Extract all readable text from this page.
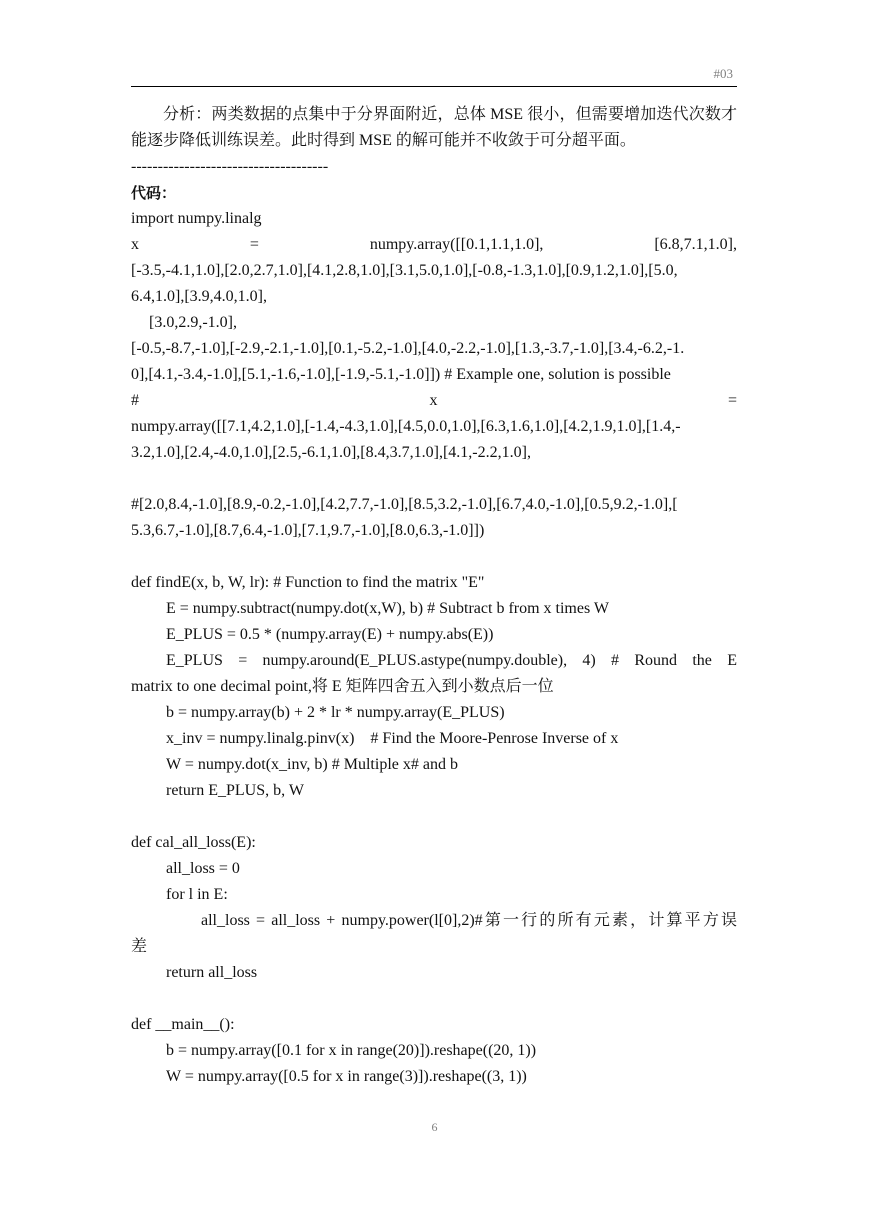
#03
分析：两类数据的点集中于分界面附近，总体 MSE 很小，但需要增加迭代次数才能逐步降低训练误差。此时得到 MSE 的解可能并不收敛于可分超平面。
-------------------------------------
代码：
import numpy.linalg
x = numpy.array([[0.1,1.1,1.0], [6.8,7.1,1.0],
[-3.5,-4.1,1.0],[2.0,2.7,1.0],[4.1,2.8,1.0],[3.1,5.0,1.0],[-0.8,-1.3,1.0],[0.9,1.2,1.0],[5.0,
6.4,1.0],[3.9,4.0,1.0],
[3.0,2.9,-1.0],
[-0.5,-8.7,-1.0],[-2.9,-2.1,-1.0],[0.1,-5.2,-1.0],[4.0,-2.2,-1.0],[1.3,-3.7,-1.0],[3.4,-6.2,-1.
0],[4.1,-3.4,-1.0],[5.1,-1.6,-1.0],[-1.9,-5.1,-1.0]]) # Example one, solution is possible
# x =
numpy.array([[7.1,4.2,1.0],[-1.4,-4.3,1.0],[4.5,0.0,1.0],[6.3,1.6,1.0],[4.2,1.9,1.0],[1.4,-
3.2,1.0],[2.4,-4.0,1.0],[2.5,-6.1,1.0],[8.4,3.7,1.0],[4.1,-2.2,1.0],
#[2.0,8.4,-1.0],[8.9,-0.2,-1.0],[4.2,7.7,-1.0],[8.5,3.2,-1.0],[6.7,4.0,-1.0],[0.5,9.2,-1.0],[
5.3,6.7,-1.0],[8.7,6.4,-1.0],[7.1,9.7,-1.0],[8.0,6.3,-1.0]])
def findE(x, b, W, lr): # Function to find the matrix "E"
E = numpy.subtract(numpy.dot(x,W), b) # Subtract b from x times W
E_PLUS = 0.5 * (numpy.array(E) + numpy.abs(E))
E_PLUS = numpy.around(E_PLUS.astype(numpy.double), 4) # Round the E
matrix to one decimal point,将 E 矩阵四舍五入到小数点后一位
b = numpy.array(b) + 2 * lr * numpy.array(E_PLUS)
x_inv = numpy.linalg.pinv(x)    # Find the Moore-Penrose Inverse of x
W = numpy.dot(x_inv, b) # Multiple x# and b
return E_PLUS, b, W
def cal_all_loss(E):
all_loss = 0
for l in E:
all_loss = all_loss + numpy.power(l[0],2)#第一行的所有元素，计算平方误
差
return all_loss
def __main__():
b = numpy.array([0.1 for x in range(20)]).reshape((20, 1))
W = numpy.array([0.5 for x in range(3)]).reshape((3, 1))
6
